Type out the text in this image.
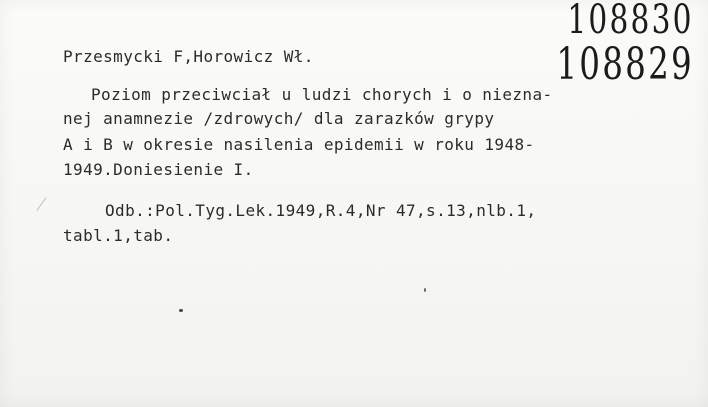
108830
108829
Przesmycki F,Horowicz Wł.
Poziom przeciwciał u ludzi chorych i o niezna-
nej anamnezie /zdrowych/ dla zarazków grypy
A i B w okresie nasilenia epidemii w roku 1948-
1949.Doniesienie I.
Odb.:Pol.Tyg.Lek.1949,R.4,Nr 47,s.13,nlb.1,
tabl.1,tab.
